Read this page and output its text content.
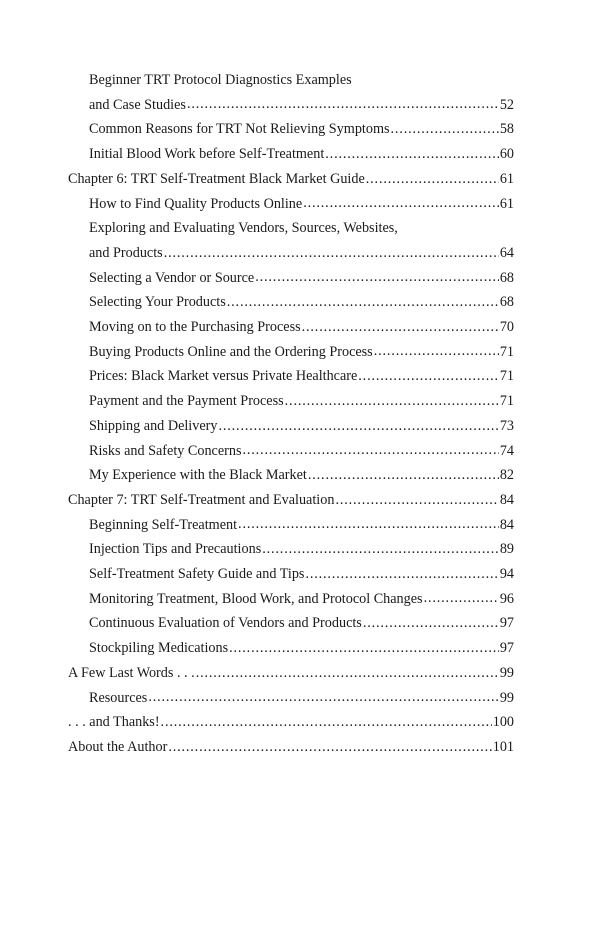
Beginner TRT Protocol Diagnostics Examples
and Case Studies . . .	52
Common Reasons for TRT Not Relieving Symptoms . . .	58
Initial Blood Work before Self-Treatment . . .	60
Chapter 6: TRT Self-Treatment Black Market Guide . . .	61
How to Find Quality Products Online . . .	61
Exploring and Evaluating Vendors, Sources, Websites,
and Products . . .	64
Selecting a Vendor or Source . . .	68
Selecting Your Products . . .	68
Moving on to the Purchasing Process . . .	70
Buying Products Online and the Ordering Process . . .	71
Prices: Black Market versus Private Healthcare . . .	71
Payment and the Payment Process . . .	71
Shipping and Delivery . . .	73
Risks and Safety Concerns . . .	74
My Experience with the Black Market . . .	82
Chapter 7: TRT Self-Treatment and Evaluation . . .	84
Beginning Self-Treatment . . .	84
Injection Tips and Precautions . . .	89
Self-Treatment Safety Guide and Tips . . .	94
Monitoring Treatment, Blood Work, and Protocol Changes . . .	96
Continuous Evaluation of Vendors and Products . . .	97
Stockpiling Medications . . .	97
A Few Last Words . . . . . .	99
Resources . . .	99
. . . and Thanks! . . .	100
About the Author . . .	101
